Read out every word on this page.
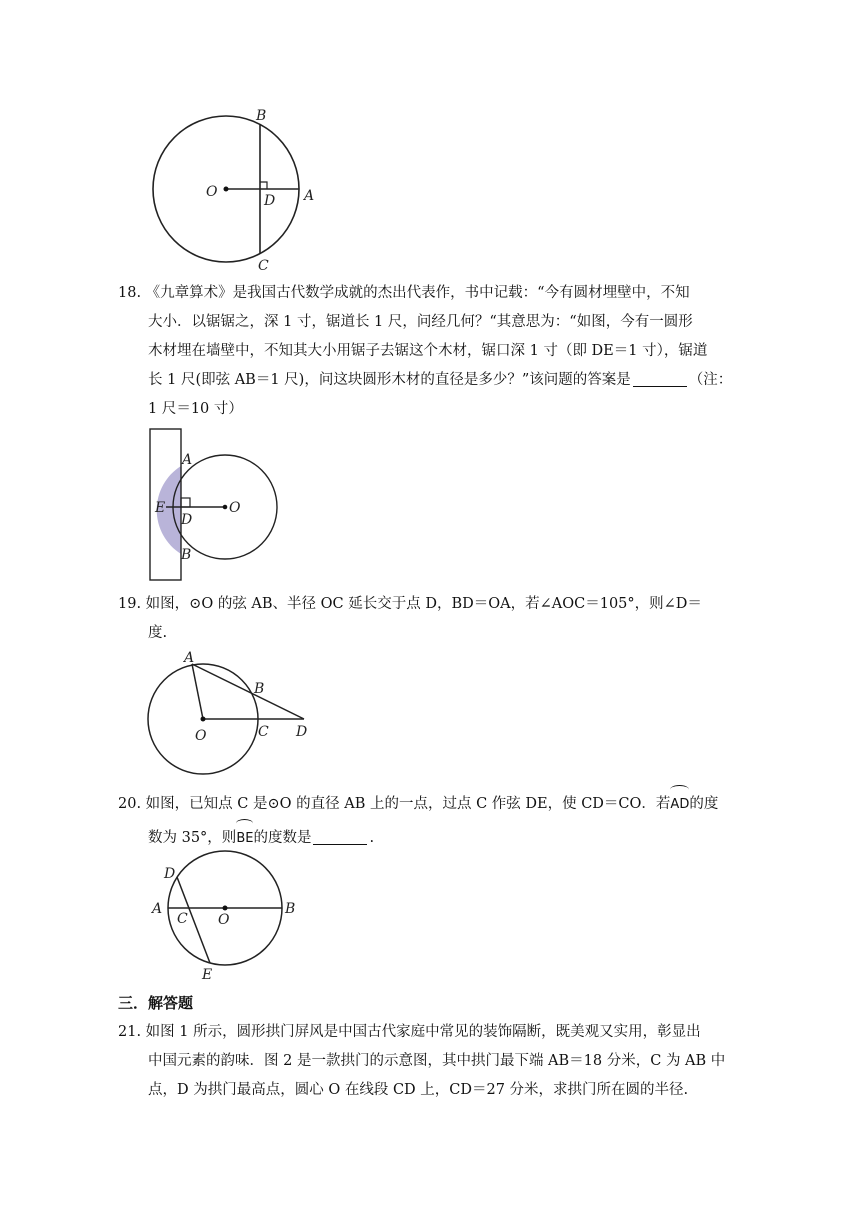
O
D A
B
C
18. 《九章算术》是我国古代数学成就的杰出代表作，书中记载：“今有圆材埋壁中，不知
大小．以锯锯之，深 1 寸，锯道长 1 尺，问经几何？“其意思为：“如图，今有一圆形
木材埋在墙壁中，不知其大小用锯子去锯这个木材，锯口深 1 寸（即 DE＝1 寸），锯道
长 1 尺(即弦 AB＝1 尺)，问这块圆形木材的直径是多少？”该问题的答案是	（注：
1 尺＝10 寸）
A
E
D
O
B
19. 如图，⊙O 的弦 AB、半径 OC 延长交于点 D，BD＝OA，若∠AOC＝105°，则∠D＝
度.
A
B
O	C D
20. 如图，已知点 C 是⊙O 的直径 AB 上的一点，过点 C 作弦 DE，使 CD＝CO．若AD的度
数为 35°，则BE的度数是	.
D
A
C O
B
E
三．解答题
21. 如图 1 所示，圆形拱门屏风是中国古代家庭中常见的装饰隔断，既美观又实用，彰显出
中国元素的韵味．图 2 是一款拱门的示意图，其中拱门最下端 AB＝18 分米，C 为 AB 中
点，D 为拱门最高点，圆心 O 在线段 CD 上，CD＝27 分米，求拱门所在圆的半径.
